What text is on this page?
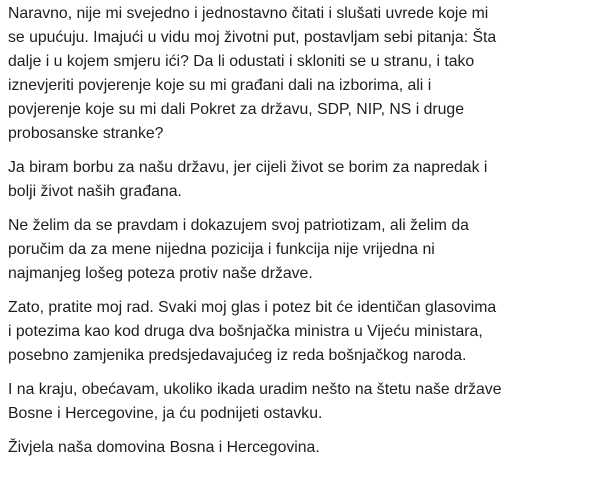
Naravno, nije mi svejedno i jednostavno čitati i slušati uvrede koje mi
se upućuju. Imajući u vidu moj životni put, postavljam sebi pitanja: Šta
dalje i u kojem smjeru ići? Da li odustati i skloniti se u stranu, i tako
iznevjeriti povjerenje koje su mi građani dali na izborima, ali i
povjerenje koje su mi dali Pokret za državu, SDP, NIP, NS i druge
probosanske stranke?

Ja biram borbu za našu državu, jer cijeli život se borim za napredak i
bolji život naših građana.

Ne želim da se pravdam i dokazujem svoj patriotizam, ali želim da
poručim da za mene nijedna pozicija i funkcija nije vrijedna ni
najmanjeg lošeg poteza protiv naše države.

Zato, pratite moj rad. Svaki moj glas i potez bit će identičan glasovima
i potezima kao kod druga dva bošnjačka ministra u Vijeću ministara,
posebno zamjenika predsjedavajućeg iz reda bošnjačkog naroda.

I na kraju, obećavam, ukoliko ikada uradim nešto na štetu naše države
Bosne i Hercegovine, ja ću podnijeti ostavku.

Živjela naša domovina Bosna i Hercegovina.
